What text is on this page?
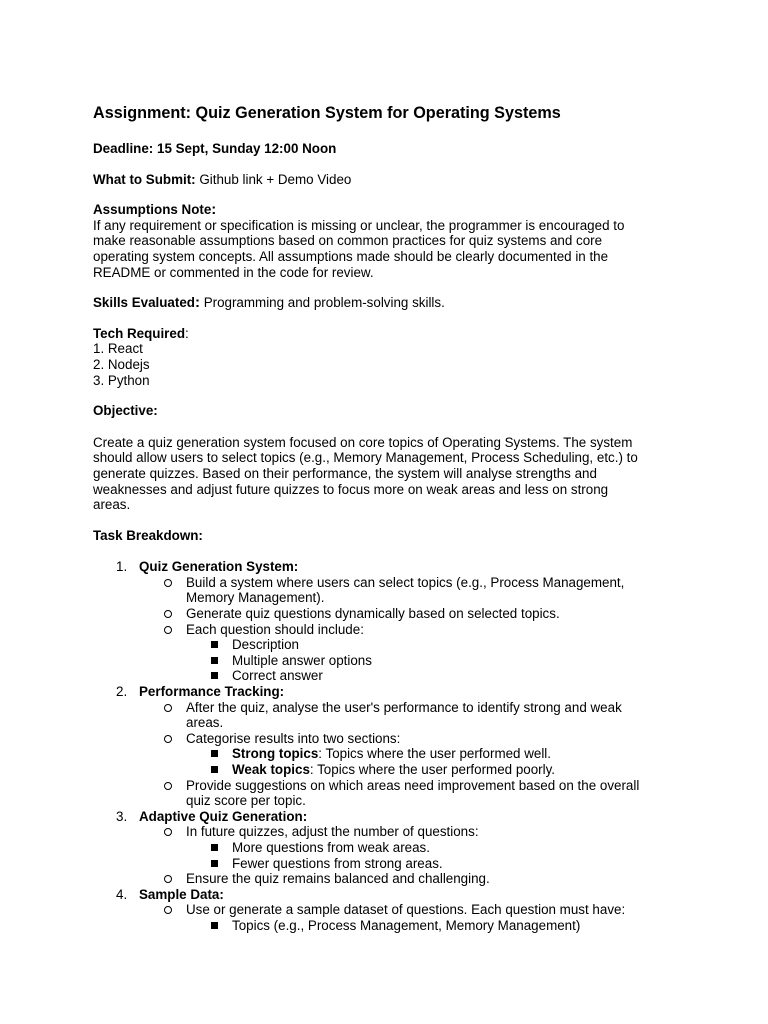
Assignment: Quiz Generation System for Operating Systems

Deadline: 15 Sept, Sunday 12:00 Noon

What to Submit: Github link + Demo Video

Assumptions Note:

If any requirement or specification is missing or unclear, the programmer is encouraged to

make reasonable assumptions based on common practices for quiz systems and core

operating system concepts. All assumptions made should be clearly documented in the

README or commented in the code for review.

Skills Evaluated: Programming and problem-solving skills.

Tech Required:

1. React

2. Nodejs

3. Python

Objective:

Create a quiz generation system focused on core topics of Operating Systems. The system

should allow users to select topics (e.g., Memory Management, Process Scheduling, etc.) to

generate quizzes. Based on their performance, the system will analyse strengths and

weaknesses and adjust future quizzes to focus more on weak areas and less on strong

areas.

Task Breakdown:

1. Quiz Generation System:
Build a system where users can select topics (e.g., Process Management,
Memory Management).
Generate quiz questions dynamically based on selected topics.
Each question should include:
Description
Multiple answer options
Correct answer
2. Performance Tracking:
After the quiz, analyse the user's performance to identify strong and weak
areas.
Categorise results into two sections:
Strong topics: Topics where the user performed well.
Weak topics: Topics where the user performed poorly.
Provide suggestions on which areas need improvement based on the overall
quiz score per topic.
3. Adaptive Quiz Generation:
In future quizzes, adjust the number of questions:
More questions from weak areas.
Fewer questions from strong areas.
Ensure the quiz remains balanced and challenging.
4. Sample Data:
Use or generate a sample dataset of questions. Each question must have:
Topics (e.g., Process Management, Memory Management)
